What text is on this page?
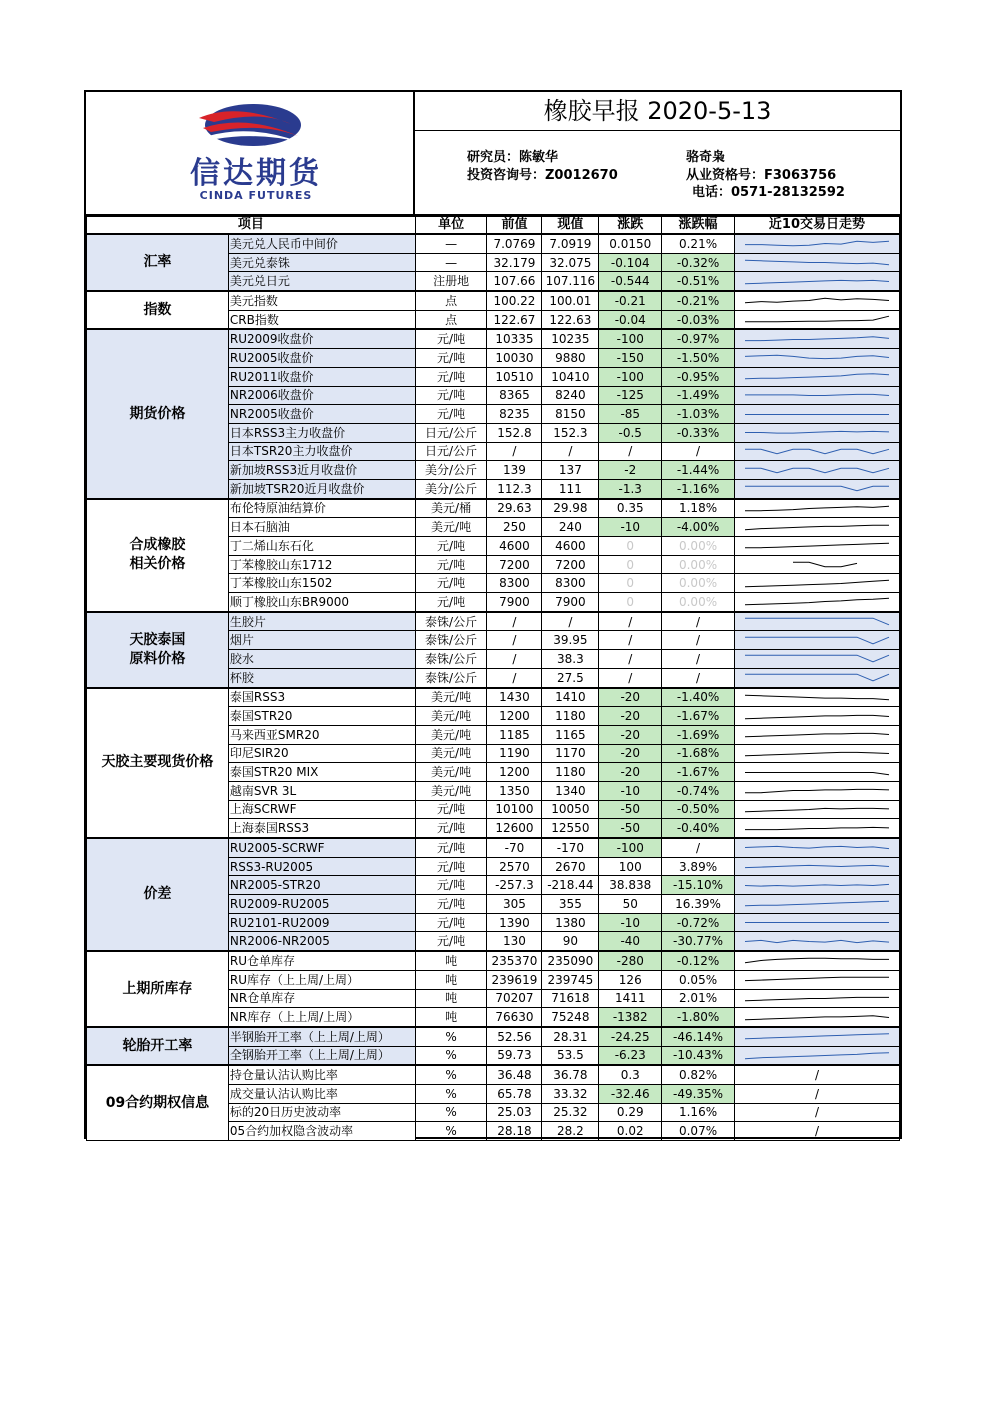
信达期货
CINDA FUTURES
橡胶早报 2020-5-13
研究员：陈敏华
投资咨询号：Z0012670
骆奇枭
从业资格号：F3063756
电话：0571-28132592
项目		单位	前值	现值	涨跌	涨跌幅	近10交易日走势

汇率	美元兑人民币中间价	—	7.0769	7.0919	0.0150	0.21%	

	美元兑泰铢	—	32.179	32.075	-0.104	-0.32%	

	美元兑日元	注册地	107.66	107.116	-0.544	-0.51%	

指数	美元指数	点	100.22	100.01	-0.21	-0.21%	

	CRB指数	点	122.67	122.63	-0.04	-0.03%	

期货价格	RU2009收盘价	元/吨	10335	10235	-100	-0.97%	

	RU2005收盘价	元/吨	10030	9880	-150	-1.50%	

	RU2011收盘价	元/吨	10510	10410	-100	-0.95%	

	NR2006收盘价	元/吨	8365	8240	-125	-1.49%	

	NR2005收盘价	元/吨	8235	8150	-85	-1.03%	

	日本RSS3主力收盘价	日元/公斤	152.8	152.3	-0.5	-0.33%	

	日本TSR20主力收盘价	日元/公斤	/	/	/	/	

	新加坡RSS3近月收盘价	美分/公斤	139	137	-2	-1.44%	

	新加坡TSR20近月收盘价	美分/公斤	112.3	111	-1.3	-1.16%	

合成橡胶
相关价格	布伦特原油结算价	美元/桶	29.63	29.98	0.35	1.18%	

	日本石脑油	美元/吨	250	240	-10	-4.00%	

	丁二烯山东石化	元/吨	4600	4600	0	0.00%	

	丁苯橡胶山东1712	元/吨	7200	7200	0	0.00%	

	丁苯橡胶山东1502	元/吨	8300	8300	0	0.00%	

	顺丁橡胶山东BR9000	元/吨	7900	7900	0	0.00%	

天胶泰国
原料价格	生胶片	泰铢/公斤	/	/	/	/	

	烟片	泰铢/公斤	/	39.95	/	/	

	胶水	泰铢/公斤	/	38.3	/	/	

	杯胶	泰铢/公斤	/	27.5	/	/	

天胶主要现货价格	泰国RSS3	美元/吨	1430	1410	-20	-1.40%	

	泰国STR20	美元/吨	1200	1180	-20	-1.67%	

	马来西亚SMR20	美元/吨	1185	1165	-20	-1.69%	

	印尼SIR20	美元/吨	1190	1170	-20	-1.68%	

	泰国STR20 MIX	美元/吨	1200	1180	-20	-1.67%	

	越南SVR 3L	美元/吨	1350	1340	-10	-0.74%	

	上海SCRWF	元/吨	10100	10050	-50	-0.50%	

	上海泰国RSS3	元/吨	12600	12550	-50	-0.40%	

价差	RU2005-SCRWF	元/吨	-70	-170	-100	/	

	RSS3-RU2005	元/吨	2570	2670	100	3.89%	

	NR2005-STR20	元/吨	-257.3	-218.44	38.838	-15.10%	

	RU2009-RU2005	元/吨	305	355	50	16.39%	

	RU2101-RU2009	元/吨	1390	1380	-10	-0.72%	

	NR2006-NR2005	元/吨	130	90	-40	-30.77%	

上期所库存	RU仓单库存	吨	235370	235090	-280	-0.12%	

	RU库存（上上周/上周）	吨	239619	239745	126	0.05%	

	NR仓单库存	吨	70207	71618	1411	2.01%	

	NR库存（上上周/上周）	吨	76630	75248	-1382	-1.80%	

轮胎开工率	半钢胎开工率（上上周/上周）	%	52.56	28.31	-24.25	-46.14%	

	全钢胎开工率（上上周/上周）	%	59.73	53.5	-6.23	-10.43%	

09合约期权信息	持仓量认沽认购比率	%	36.48	36.78	0.3	0.82%	/
	成交量认沽认购比率	%	65.78	33.32	-32.46	-49.35%	/
	标的20日历史波动率	%	25.03	25.32	0.29	1.16%	/
	05合约加权隐含波动率	%	28.18	28.2	0.02	0.07%	/
